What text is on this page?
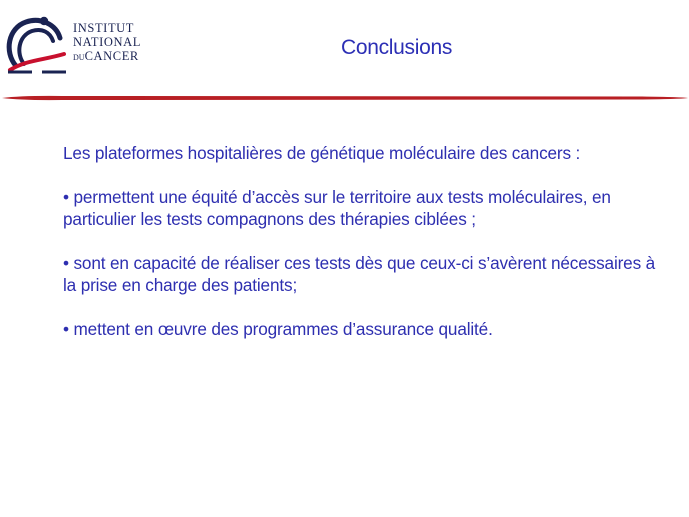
INSTITUT
NATIONAL
DUCANCER	Conclusions

Les plateformes hospitalières de génétique moléculaire des cancers :

• permettent une équité d’accès sur le territoire aux tests moléculaires, en particulier les tests compagnons des thérapies ciblées ;

• sont en capacité de réaliser ces tests dès que ceux-ci s’avèrent nécessaires à la prise en charge des patients;

• mettent en œuvre des programmes d’assurance qualité.
